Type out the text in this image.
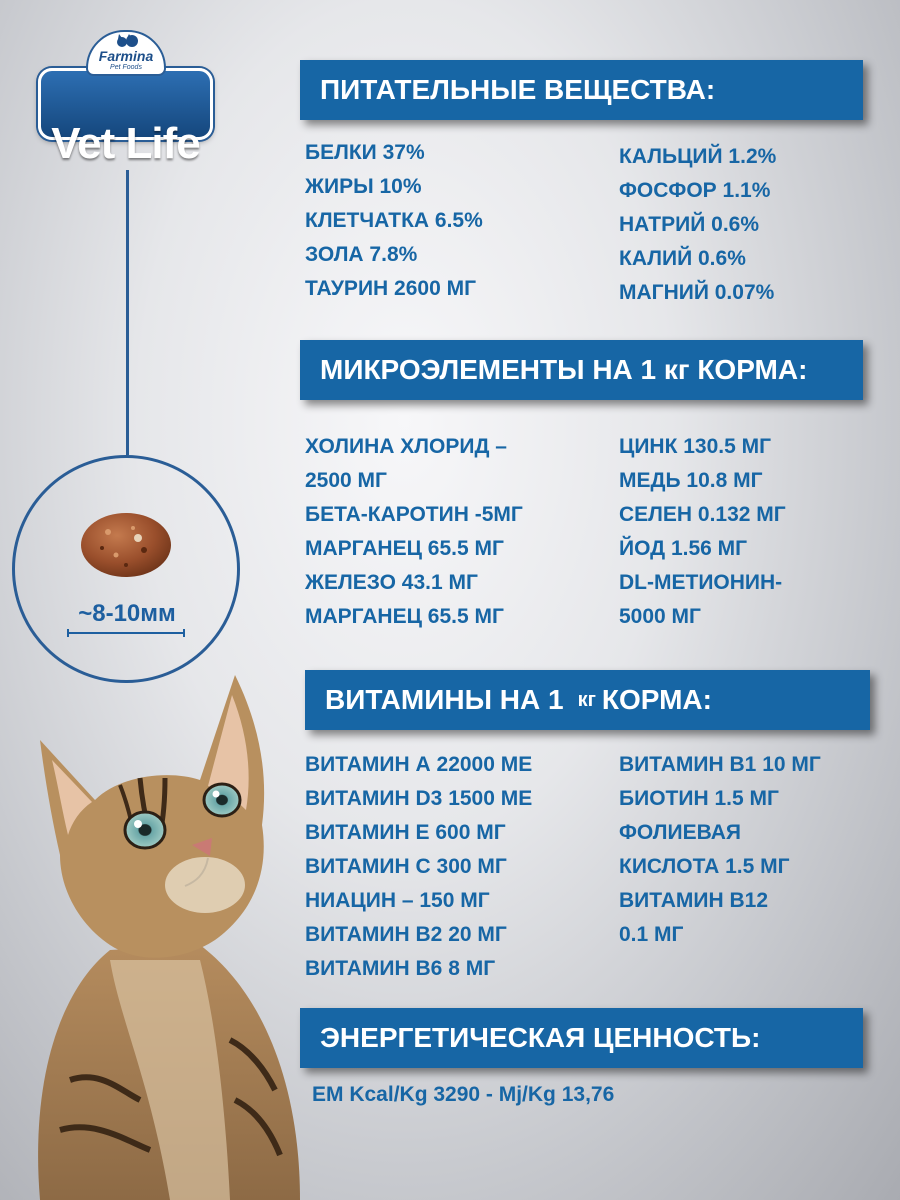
Vet Life
Farmina
Pet Foods
~8-10мм
ПИТАТЕЛЬНЫЕ ВЕЩЕСТВА:
БЕЛКИ 37%
ЖИРЫ 10%
КЛЕТЧАТКА 6.5%
ЗОЛА 7.8%
ТАУРИН 2600 МГ
КАЛЬЦИЙ 1.2%
ФОСФОР 1.1%
НАТРИЙ 0.6%
КАЛИЙ 0.6%
МАГНИЙ 0.07%
МИКРОЭЛЕМЕНТЫ НА 1 кг КОРМА:
ХОЛИНА ХЛОРИД –
2500 МГ
БЕТА-КАРОТИН -5МГ
МАРГАНЕЦ 65.5 МГ
ЖЕЛЕЗО 43.1 МГ
МАРГАНЕЦ 65.5 МГ
ЦИНК 130.5 МГ
МЕДЬ 10.8 МГ
СЕЛЕН 0.132 МГ
ЙОД 1.56 МГ
DL-МЕТИОНИН-
5000 МГ
ВИТАМИНЫ НА 1 кг КОРМА:
ВИТАМИН А 22000 МЕ
ВИТАМИН D3 1500 МЕ
ВИТАМИН Е 600 МГ
ВИТАМИН С 300 МГ
НИАЦИН – 150 МГ
ВИТАМИН В2 20 МГ
ВИТАМИН В6 8 МГ
ВИТАМИН В1 10 МГ
БИОТИН 1.5 МГ
ФОЛИЕВАЯ
КИСЛОТА 1.5 МГ
ВИТАМИН В12
0.1 МГ
ЭНЕРГЕТИЧЕСКАЯ ЦЕННОСТЬ:
ЕМ Kcal/Kg 3290 - Mj/Kg 13,76
